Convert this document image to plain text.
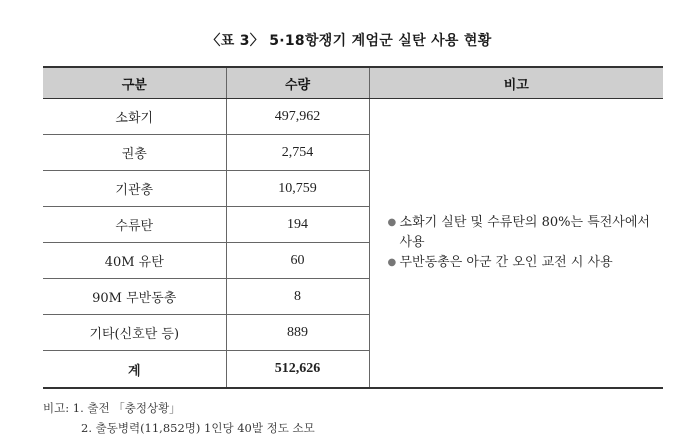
〈표 3〉 5·18항쟁기 계엄군 실탄 사용 현황
구분	수량	비고
소화기	497,962	● 소화기 실탄 및 수류탄의 80%는 특전사에서 사용
● 무반동총은 아군 간 오인 교전 시 사용

권총	2,754	
기관총	10,759	
수류탄	194	
40M 유탄	60	
90M 무반동총	8	
기타(신호탄 등)	889	
계	512,626	
비고: 1. 출전 「충정상황」
2. 출동병력(11,852명) 1인당 40발 정도 소모
